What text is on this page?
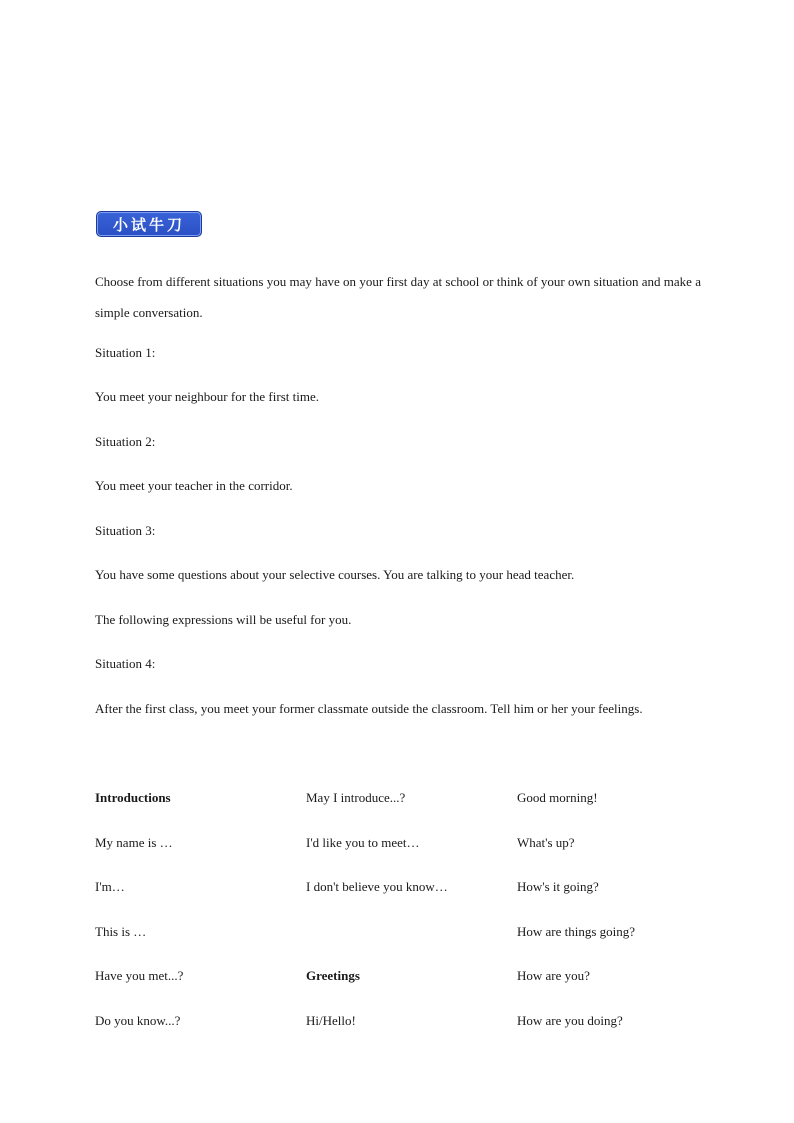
小试牛刀

Choose from different situations you may have on your first day at school or think of your own situation and make a simple conversation.

Situation 1:

You meet your neighbour for the first time.

Situation 2:

You meet your teacher in the corridor.

Situation 3:

You have some questions about your selective courses. You are talking to your head teacher.

The following expressions will be useful for you.

Situation 4:

After the first class, you meet your former classmate outside the classroom. Tell him or her your feelings.

Introductions
My name is …
I'm…
This is …
Have you met...?
Do you know...?
May I introduce...?
I'd like you to meet…
I don't believe you know…
Greetings
Hi/Hello!
Good morning!
What's up?
How's it going?
How are things going?
How are you?
How are you doing?
